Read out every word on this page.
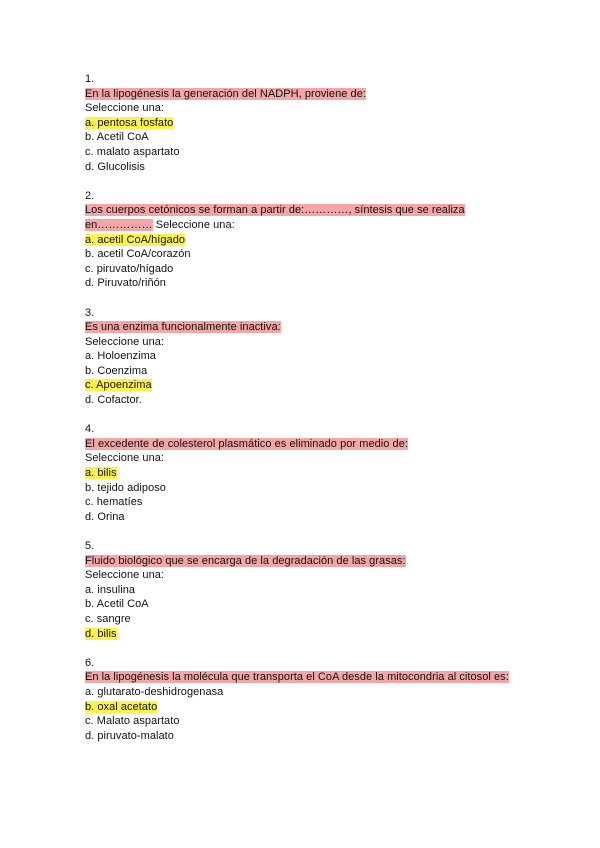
1.
En la lipogénesis la generación del NADPH, proviene de:
Seleccione una:
a. pentosa fosfato
b. Acetil CoA
c. malato aspartato
d. Glucolisis
2.
Los cuerpos cetónicos se forman a partir de:…………, síntesis que se realiza
en…………… Seleccione una:
a. acetil CoA/hígado
b. acetil CoA/corazón
c. piruvato/hígado
d. Piruvato/riñón
3.
Es una enzima funcionalmente inactiva:
Seleccione una:
a. Holoenzima
b. Coenzima
c. Apoenzima
d. Cofactor.
4.
El excedente de colesterol plasmático es eliminado por medio de:
Seleccione una:
a. bilis
b. tejido adiposo
c. hematíes
d. Orina
5.
Fluido biológico que se encarga de la degradación de las grasas:
Seleccione una:
a. insulina
b. Acetil CoA
c. sangre
d. bilis
6.
En la lipogénesis la molécula que transporta el CoA desde la mitocondria al citosol es:
a. glutarato-deshidrogenasa
b. oxal acetato
c. Malato aspartato
d. piruvato-malato
